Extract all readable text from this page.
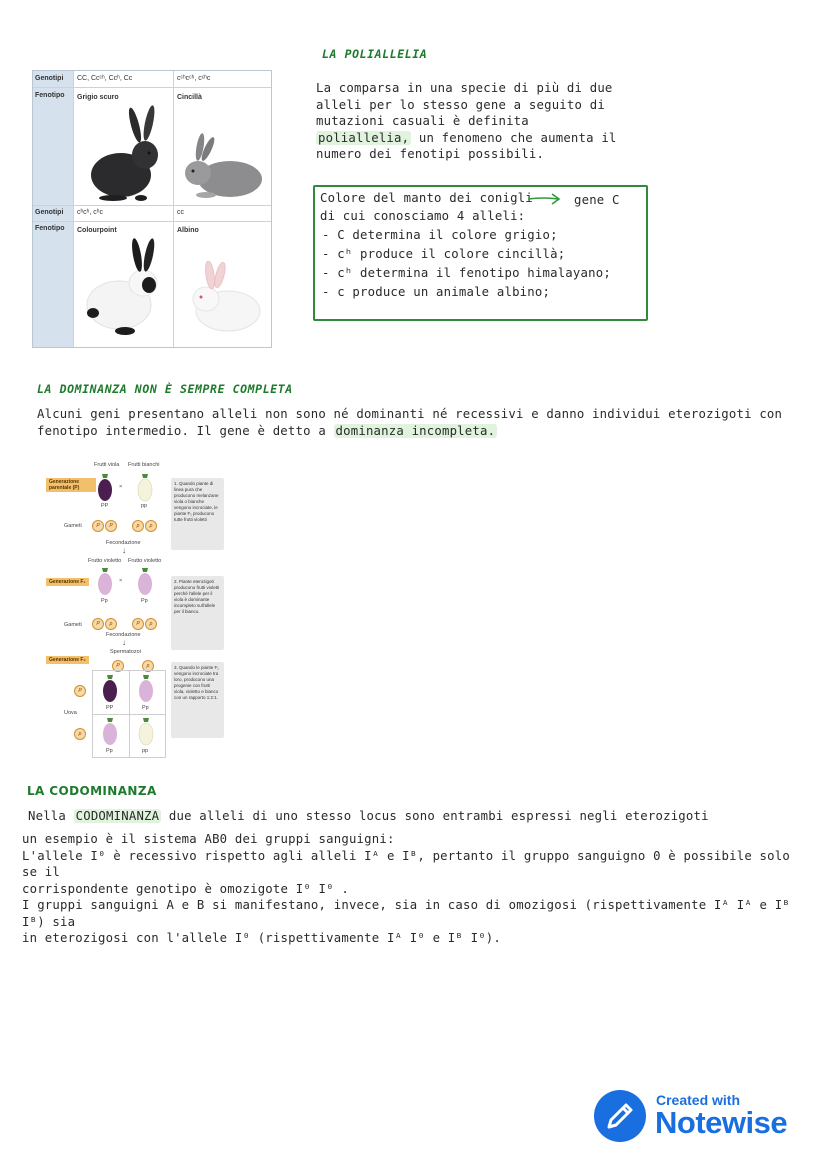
LA POLIALLELIA
La comparsa in una specie di più di due
alleli per lo stesso gene a seguito di
mutazioni casuali è definita
poliallelia, un fenomeno che aumenta il
numero dei fenotipi possibili.
Genotipi CC, Ccᶜʰ, Ccʰ, Cc	cᶜʰcᶜʰ, cᶜʰc
Fenotipo Grigio scuro	Cincillà
Genotipi cʰcʰ, cʰc	cc
Fenotipo Colourpoint	Albino
Colore del manto dei conigli	gene C
di cui conosciamo 4 alleli:
- C determina il colore grigio;
- cʰ produce il colore cincillà;
- cʰ determina il fenotipo himalayano;
- c produce un animale albino;
LA DOMINANZA NON È SEMPRE COMPLETA
Alcuni geni presentano alleli non sono né dominanti né recessivi e danno individui eterozigoti con
fenotipo intermedio. Il gene è detto a dominanza incompleta.
Frutti viola Frutti bianchi
Generazione parentale (P)	×
PP	pp
Gameti	P	P	p	p
Fecondazione
↓
Frutto violetto Frutto violetto
Generazione F₁	×
Pp	Pp
Gameti	P	p	P	p
Fecondazione
↓
Spermatozoi
Generazione F₂
P	p
P
p
Uova
PP	Pp
Pp	pp
1. Quando piante di linea pura che producono melanzane viola o bianche vengono incrociate, le piante F₁ producono tutte frutti violetti
2. Piante eterozigoti producono frutti violetti perché l'allele per il viola è dominante incompleto sull'allele per il bianco.
3. Quando le piante F₁ vengono incrociate tra loro, producono una progenie con frutti viola, violetto e bianco con un rapporto 1:2:1.
LA CODOMINANZA
Nella CODOMINANZA due alleli di uno stesso locus sono entrambi espressi negli eterozigoti
un esempio è il sistema AB0 dei gruppi sanguigni:
L'allele I⁰ è recessivo rispetto agli alleli Iᴬ e Iᴮ, pertanto il gruppo sanguigno 0 è possibile solo se il
corrispondente genotipo è omozigote I⁰ I⁰ .
I gruppi sanguigni A e B si manifestano, invece, sia in caso di omozigosi (rispettivamente Iᴬ Iᴬ e Iᴮ Iᴮ) sia
in eterozigosi con l'allele I⁰ (rispettivamente Iᴬ I⁰ e Iᴮ I⁰).
Created with
Notewise
